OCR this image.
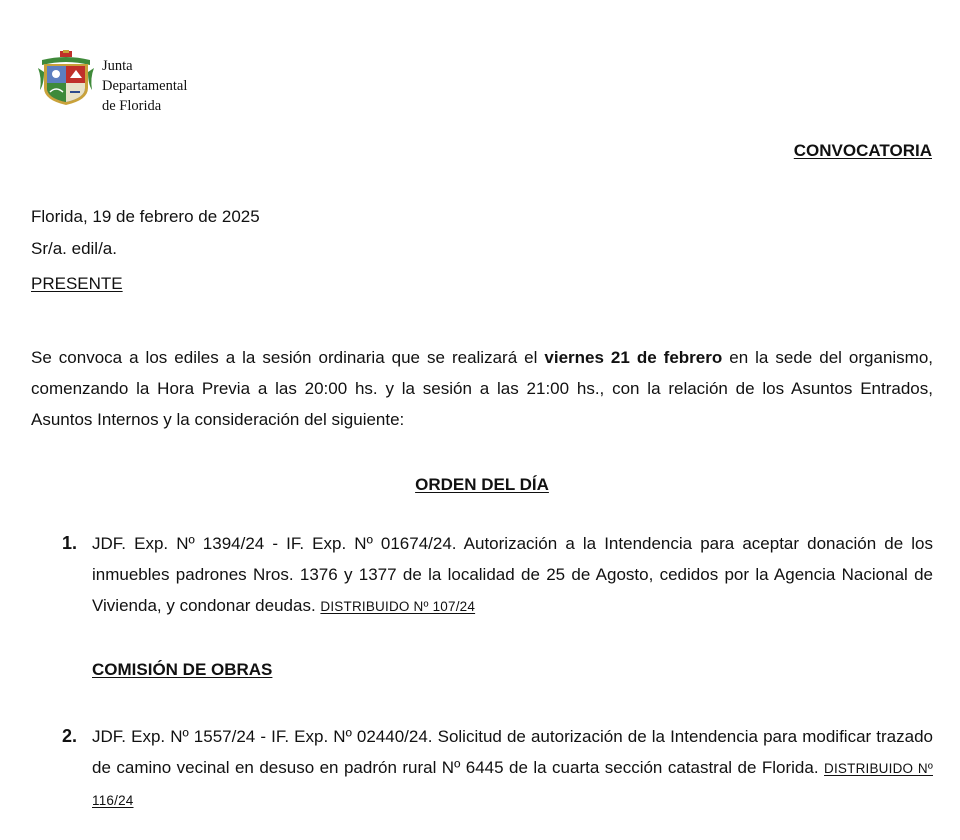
Junta
Departamental
de Florida
CONVOCATORIA
Florida, 19 de febrero de 2025
Sr/a. edil/a.
PRESENTE
Se convoca a los ediles a la sesión ordinaria que se realizará el viernes 21 de febrero en la sede del organismo, comenzando la Hora Previa a las 20:00 hs. y la sesión a las 21:00 hs., con la relación de los Asuntos Entrados, Asuntos Internos y la consideración del siguiente:
ORDEN DEL DÍA
1. JDF. Exp. Nº 1394/24 - IF. Exp. Nº 01674/24. Autorización a la Intendencia para aceptar donación de los inmuebles padrones Nros. 1376 y 1377 de la localidad de 25 de Agosto, cedidos por la Agencia Nacional de Vivienda, y condonar deudas. DISTRIBUIDO Nº 107/24
COMISIÓN DE OBRAS
2. JDF. Exp. Nº 1557/24 - IF. Exp. Nº 02440/24. Solicitud de autorización de la Intendencia para modificar trazado de camino vecinal en desuso en padrón rural Nº 6445 de la cuarta sección catastral de Florida. DISTRIBUIDO Nº 116/24
